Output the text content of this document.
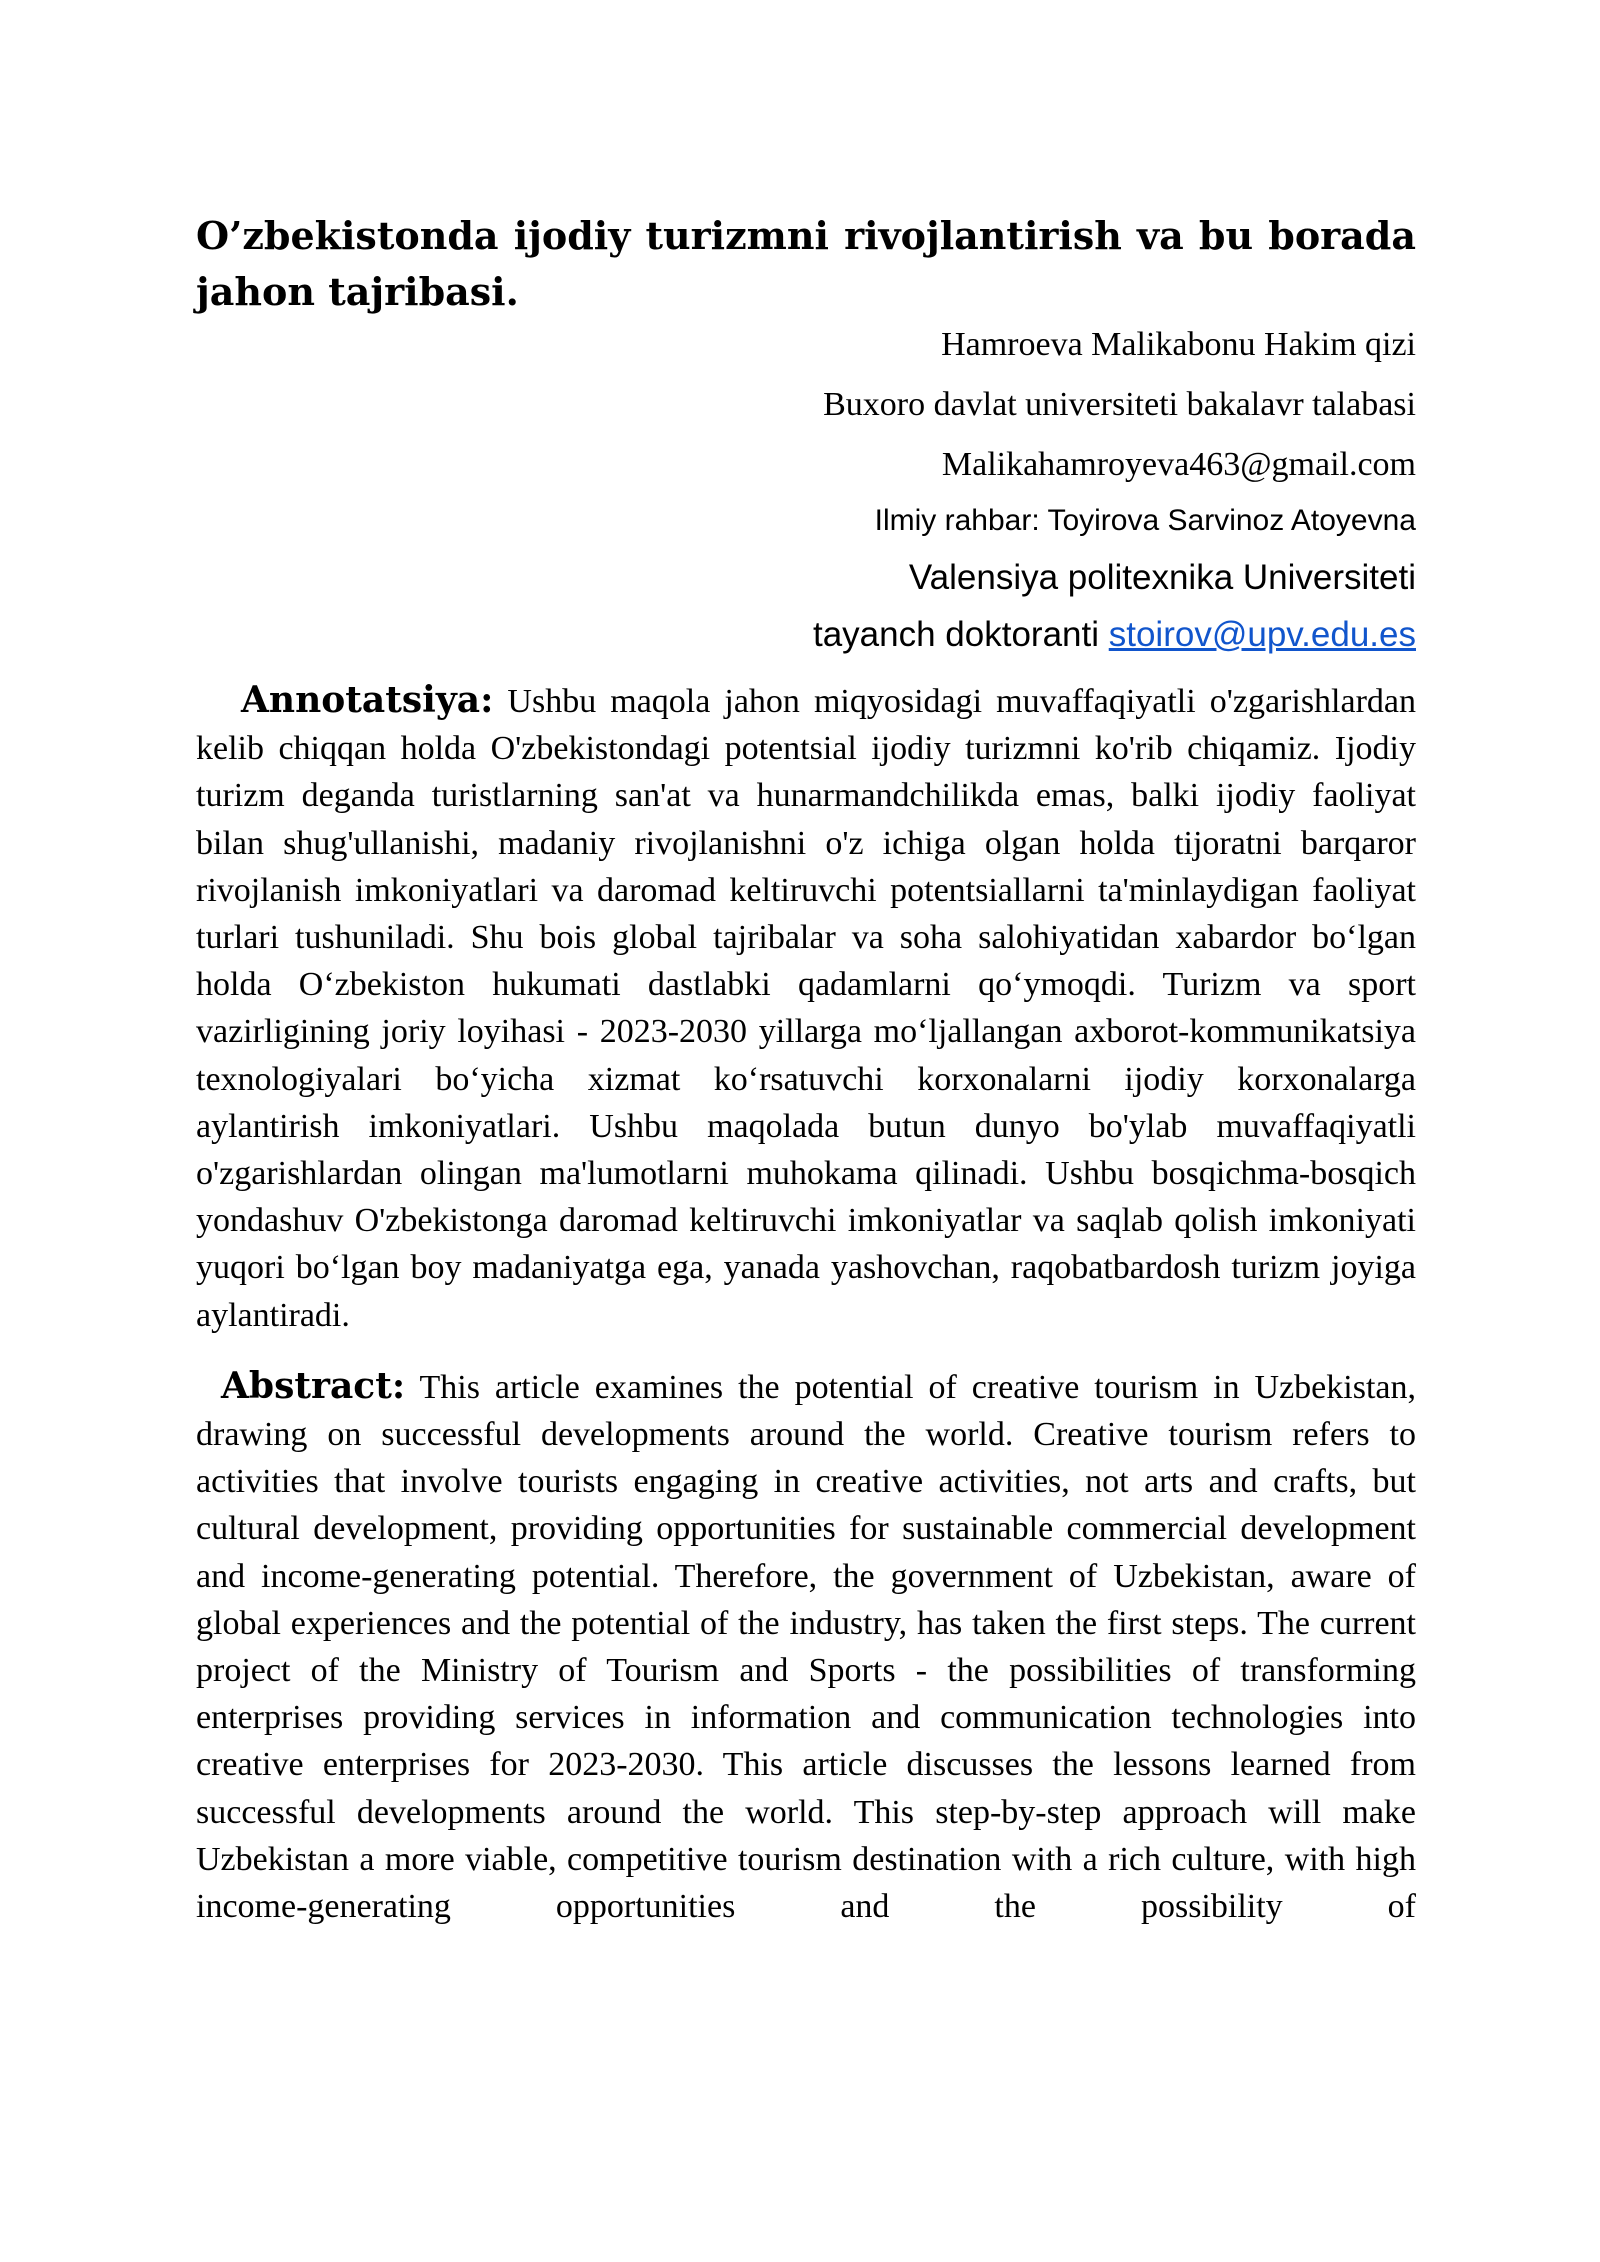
O’zbekistonda ijodiy turizmni rivojlantirish va bu borada jahon tajribasi.
Hamroeva Malikabonu Hakim qizi
Buxoro davlat universiteti bakalavr talabasi
Malikahamroyeva463@gmail.com
Ilmiy rahbar: Toyirova Sarvinoz Atoyevna
Valensiya politexnika Universiteti
tayanch doktoranti stoirov@upv.edu.es

Annotatsiya: Ushbu maqola jahon miqyosidagi muvaffaqiyatli o'zgarishlardan kelib chiqqan holda O'zbekistondagi potentsial ijodiy turizmni ko'rib chiqamiz. Ijodiy turizm deganda turistlarning san'at va hunarmandchilikda emas, balki ijodiy faoliyat bilan shug'ullanishi, madaniy rivojlanishni o'z ichiga olgan holda tijoratni barqaror rivojlanish imkoniyatlari va daromad keltiruvchi potentsiallarni ta'minlaydigan faoliyat turlari tushuniladi. Shu bois global tajribalar va soha salohiyatidan xabardor bo‘lgan holda O‘zbekiston hukumati dastlabki qadamlarni qo‘ymoqdi. Turizm va sport vazirligining joriy loyihasi - 2023-2030 yillarga mo‘ljallangan axborot-kommunikatsiya texnologiyalari bo‘yicha xizmat ko‘rsatuvchi korxonalarni ijodiy korxonalarga aylantirish imkoniyatlari. Ushbu maqolada butun dunyo bo'ylab muvaffaqiyatli o'zgarishlardan olingan ma'lumotlarni muhokama qilinadi. Ushbu bosqichma-bosqich yondashuv O'zbekistonga daromad keltiruvchi imkoniyatlar va saqlab qolish imkoniyati yuqori bo‘lgan boy madaniyatga ega, yanada yashovchan, raqobatbardosh turizm joyiga aylantiradi.

Abstract: This article examines the potential of creative tourism in Uzbekistan, drawing on successful developments around the world. Creative tourism refers to activities that involve tourists engaging in creative activities, not arts and crafts, but cultural development, providing opportunities for sustainable commercial development and income-generating potential. Therefore, the government of Uzbekistan, aware of global experiences and the potential of the industry, has taken the first steps. The current project of the Ministry of Tourism and Sports - the possibilities of transforming enterprises providing services in information and communication technologies into creative enterprises for 2023-2030. This article discusses the lessons learned from successful developments around the world. This step-by-step approach will make Uzbekistan a more viable, competitive tourism destination with a rich culture, with high income-generating opportunities and the possibility of
